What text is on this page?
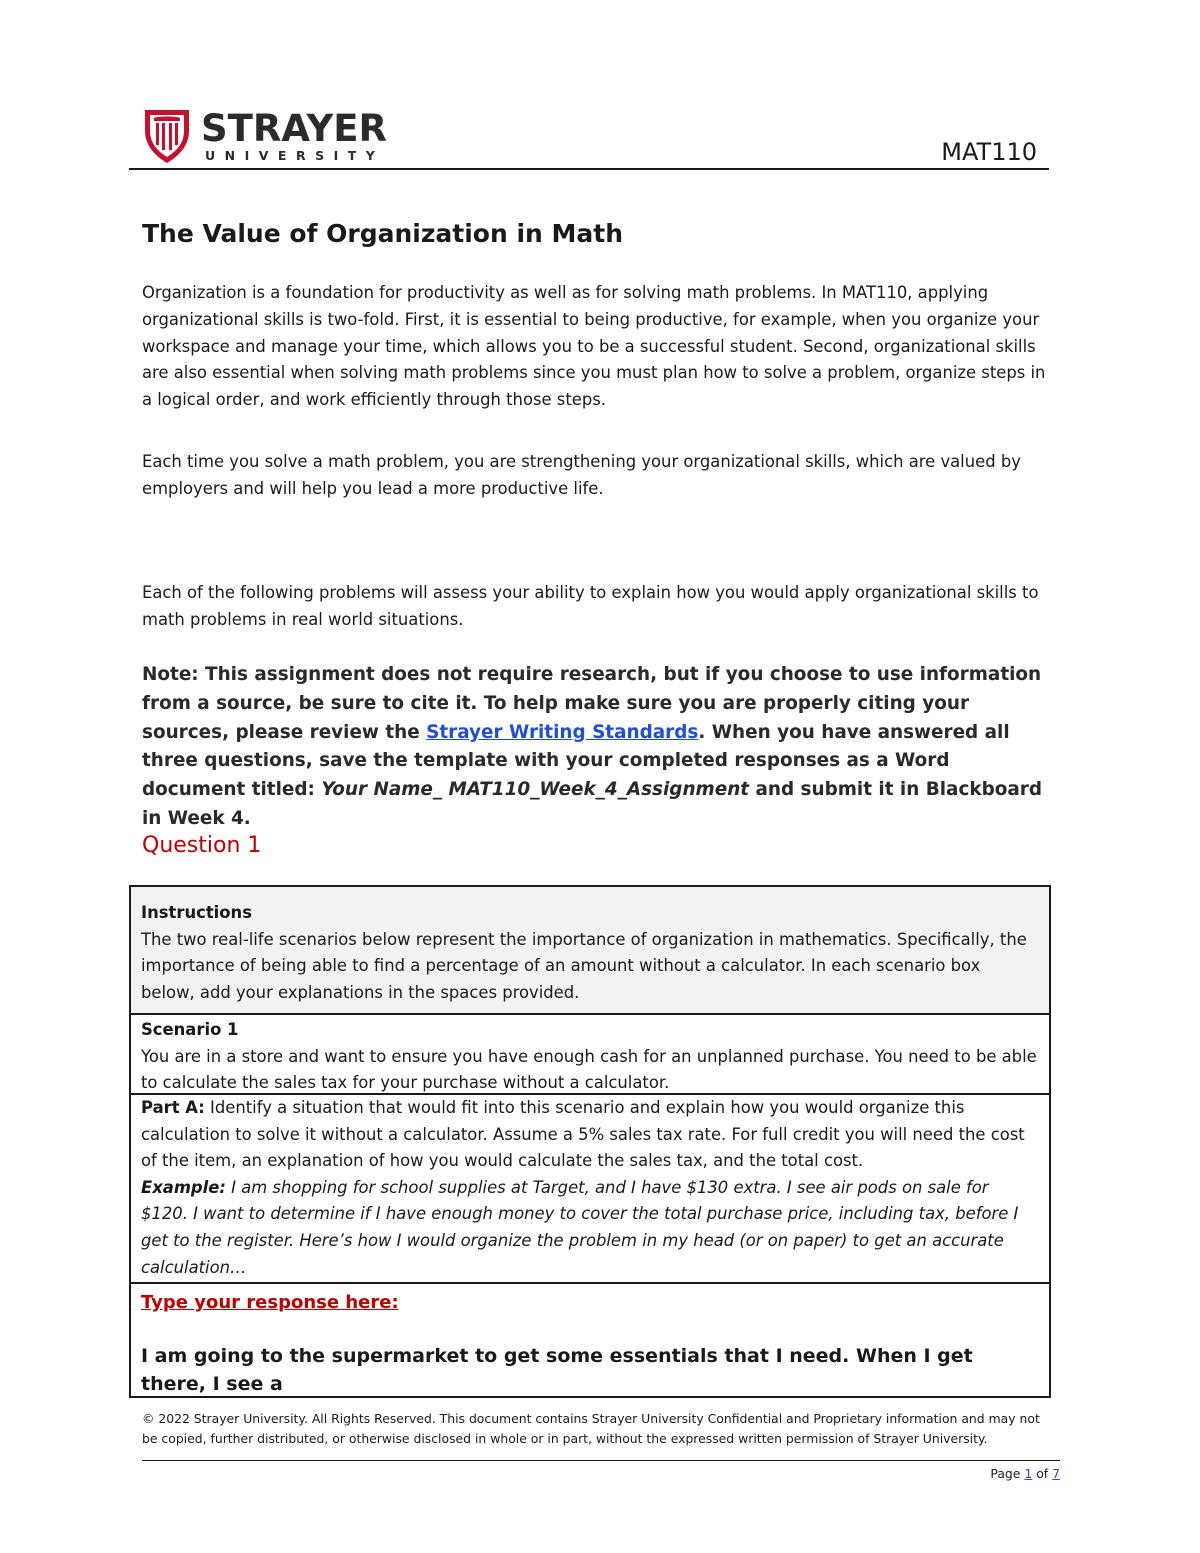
STRAYER
UNIVERSITY	MAT110
The Value of Organization in Math
Organization is a foundation for productivity as well as for solving math problems. In MAT110, applying organizational skills is two-fold. First, it is essential to being productive, for example, when you organize your workspace and manage your time, which allows you to be a successful student. Second, organizational skills are also essential when solving math problems since you must plan how to solve a problem, organize steps in a logical order, and work efficiently through those steps.
Each time you solve a math problem, you are strengthening your organizational skills, which are valued by employers and will help you lead a more productive life.
Each of the following problems will assess your ability to explain how you would apply organizational skills to math problems in real world situations.
Note: This assignment does not require research, but if you choose to use information from a source, be sure to cite it. To help make sure you are properly citing your sources, please review the Strayer Writing Standards. When you have answered all three questions, save the template with your completed responses as a Word document titled: Your Name_ MAT110_Week_4_Assignment and submit it in Blackboard in Week 4.
Question 1
Instructions
The two real-life scenarios below represent the importance of organization in mathematics. Specifically, the importance of being able to find a percentage of an amount without a calculator. In each scenario box below, add your explanations in the spaces provided.
Scenario 1
You are in a store and want to ensure you have enough cash for an unplanned purchase. You need to be able to calculate the sales tax for your purchase without a calculator.
Part A: Identify a situation that would fit into this scenario and explain how you would organize this calculation to solve it without a calculator. Assume a 5% sales tax rate. For full credit you will need the cost of the item, an explanation of how you would calculate the sales tax, and the total cost.
Example: I am shopping for school supplies at Target, and I have $130 extra. I see air pods on sale for $120. I want to determine if I have enough money to cover the total purchase price, including tax, before I get to the register. Here’s how I would organize the problem in my head (or on paper) to get an accurate calculation…
Type your response here:
I am going to the supermarket to get some essentials that I need. When I get there, I see a
© 2022 Strayer University. All Rights Reserved. This document contains Strayer University Confidential and Proprietary information and may not be copied, further distributed, or otherwise disclosed in whole or in part, without the expressed written permission of Strayer University.
Page 1 of 7
